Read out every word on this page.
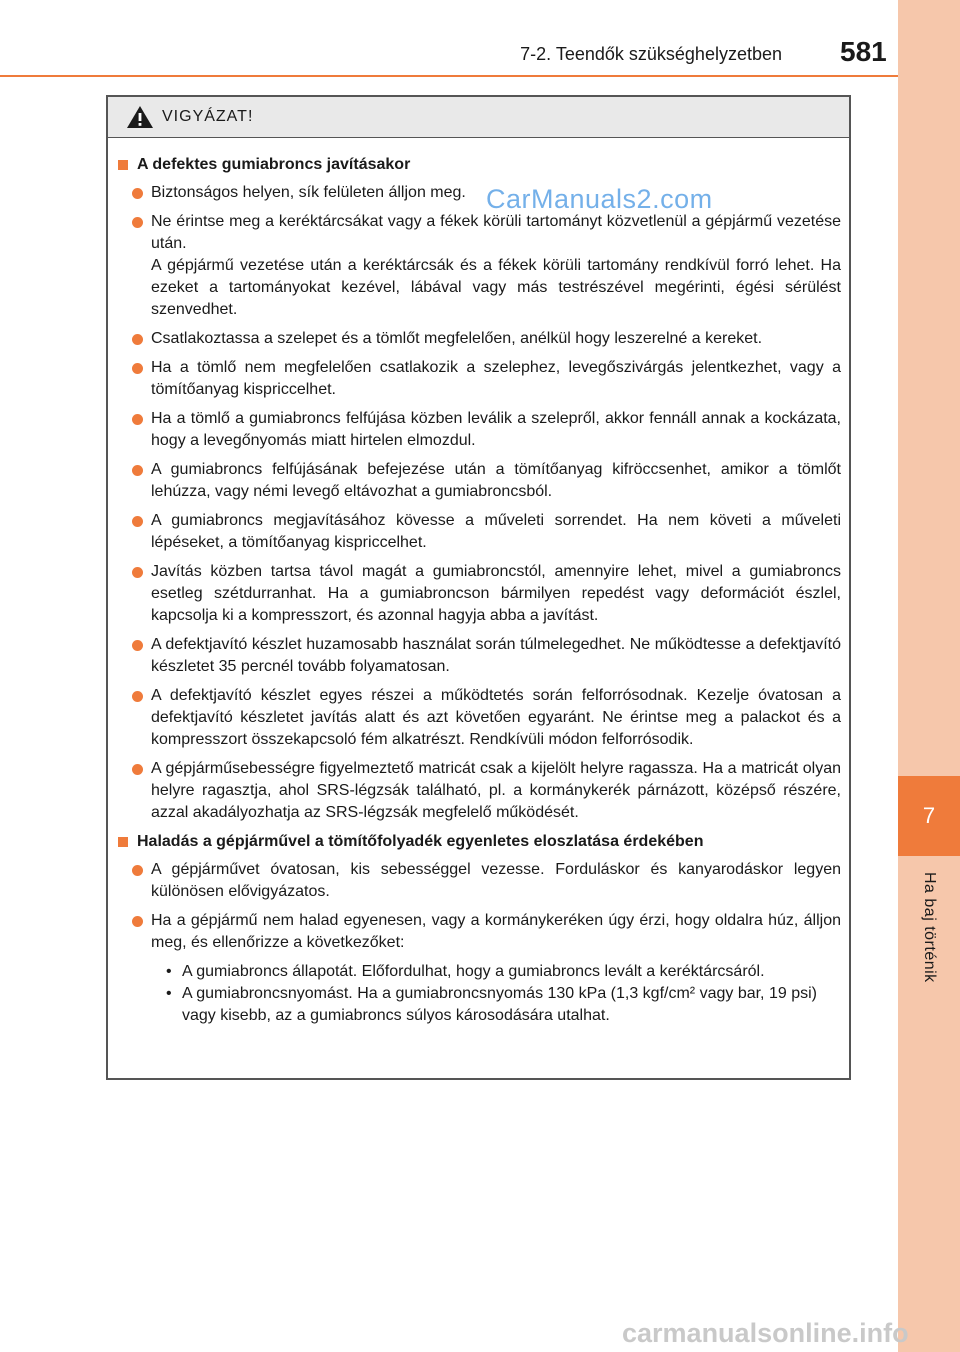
7
Ha baj történik
7-2. Teendők szükséghelyzetben 581
VIGYÁZAT!
A defektes gumiabroncs javításakor
Biztonságos helyen, sík felületen álljon meg.
Ne érintse meg a keréktárcsákat vagy a fékek körüli tartományt közvetlenül a gépjármű vezetése után.
A gépjármű vezetése után a keréktárcsák és a fékek körüli tartomány rendkívül forró lehet. Ha ezeket a tartományokat kezével, lábával vagy más testrészével megérinti, égési sérülést szenvedhet.
Csatlakoztassa a szelepet és a tömlőt megfelelően, anélkül hogy leszerelné a kereket.
Ha a tömlő nem megfelelően csatlakozik a szelephez, levegőszivárgás jelentkezhet, vagy a tömítőanyag kispriccelhet.
Ha a tömlő a gumiabroncs felfújása közben leválik a szelepről, akkor fennáll annak a kockázata, hogy a levegőnyomás miatt hirtelen elmozdul.
A gumiabroncs felfújásának befejezése után a tömítőanyag kifröccsenhet, amikor a tömlőt lehúzza, vagy némi levegő eltávozhat a gumiabroncsból.
A gumiabroncs megjavításához kövesse a műveleti sorrendet. Ha nem követi a műveleti lépéseket, a tömítőanyag kispriccelhet.
Javítás közben tartsa távol magát a gumiabroncstól, amennyire lehet, mivel a gumiabroncs esetleg szétdurranhat. Ha a gumiabroncson bármilyen repedést vagy deformációt észlel, kapcsolja ki a kompresszort, és azonnal hagyja abba a javítást.
A defektjavító készlet huzamosabb használat során túlmelegedhet. Ne működtesse a defektjavító készletet 35 percnél tovább folyamatosan.
A defektjavító készlet egyes részei a működtetés során felforrósodnak. Kezelje óvatosan a defektjavító készletet javítás alatt és azt követően egyaránt. Ne érintse meg a palackot és a kompresszort összekapcsoló fém alkatrészt. Rendkívüli módon felforrósodik.
A gépjárműsebességre figyelmeztető matricát csak a kijelölt helyre ragassza. Ha a matricát olyan helyre ragasztja, ahol SRS-légzsák található, pl. a kormánykerék párnázott, középső részére, azzal akadályozhatja az SRS-légzsák megfelelő működését.
Haladás a gépjárművel a tömítőfolyadék egyenletes eloszlatása érdekében
A gépjárművet óvatosan, kis sebességgel vezesse. Forduláskor és kanyarodáskor legyen különösen elővigyázatos.
Ha a gépjármű nem halad egyenesen, vagy a kormánykeréken úgy érzi, hogy oldalra húz, álljon meg, és ellenőrizze a következőket:
• A gumiabroncs állapotát. Előfordulhat, hogy a gumiabroncs levált a keréktárcsáról.
• A gumiabroncsnyomást. Ha a gumiabroncsnyomás 130 kPa (1,3 kgf/cm² vagy bar, 19 psi) vagy kisebb, az a gumiabroncs súlyos károsodására utalhat.
CarManuals2.com
carmanualsonline.info
